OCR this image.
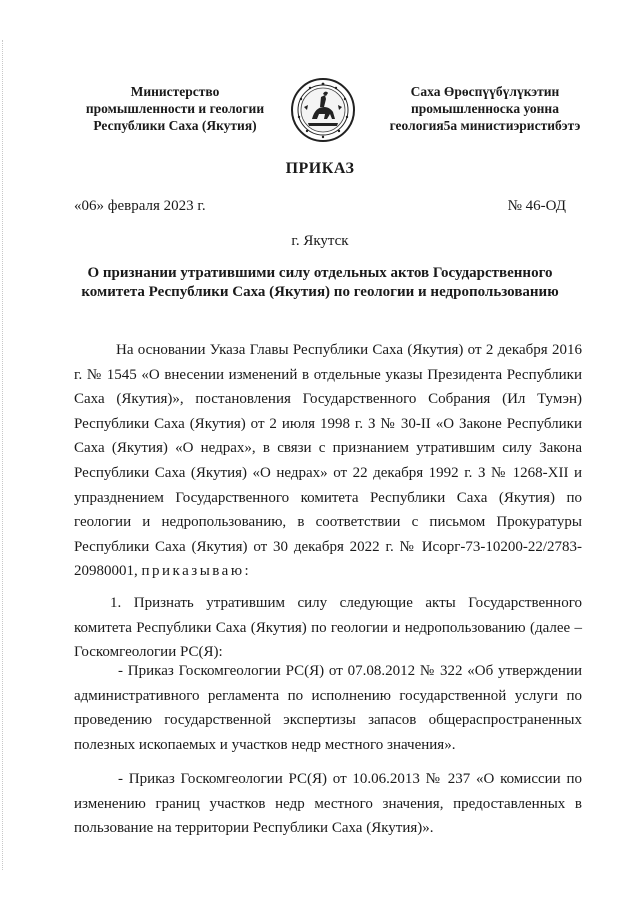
Министерство
промышленности и геологии
Республики Саха (Якутия)
Саха Өрөспүүбүлүкэтин
промышленноска уонна
геология5а министиэристибэтэ
ПРИКАЗ
«06» февраля 2023 г.	№ 46-ОД
г. Якутск
О признании утратившими силу отдельных актов Государственного комитета Республики Саха (Якутия) по геологии и недропользованию
На основании Указа Главы Республики Саха (Якутия) от 2 декабря 2016 г. № 1545 «О внесении изменений в отдельные указы Президента Республики Саха (Якутия)», постановления Государственного Собрания (Ил Тумэн) Республики Саха (Якутия) от 2 июля 1998 г. З № 30-II «О Законе Республики Саха (Якутия) «О недрах», в связи с признанием утратившим силу Закона Республики Саха (Якутия) «О недрах» от 22 декабря 1992 г. З № 1268-XII и упразднением Государственного комитета Республики Саха (Якутия) по геологии и недропользованию, в соответствии с письмом Прокуратуры Республики Саха (Якутия) от 30 декабря 2022 г. № Исорг-73-10200-22/2783-20980001, приказываю:
1. Признать утратившим силу следующие акты Государственного комитета Республики Саха (Якутия) по геологии и недропользованию (далее – Госкомгеологии РС(Я):
- Приказ Госкомгеологии РС(Я) от 07.08.2012 № 322 «Об утверждении административного регламента по исполнению государственной услуги по проведению государственной экспертизы запасов общераспространенных полезных ископаемых и участков недр местного значения».
- Приказ Госкомгеологии РС(Я) от 10.06.2013 № 237 «О комиссии по изменению границ участков недр местного значения, предоставленных в пользование на территории Республики Саха (Якутия)».
